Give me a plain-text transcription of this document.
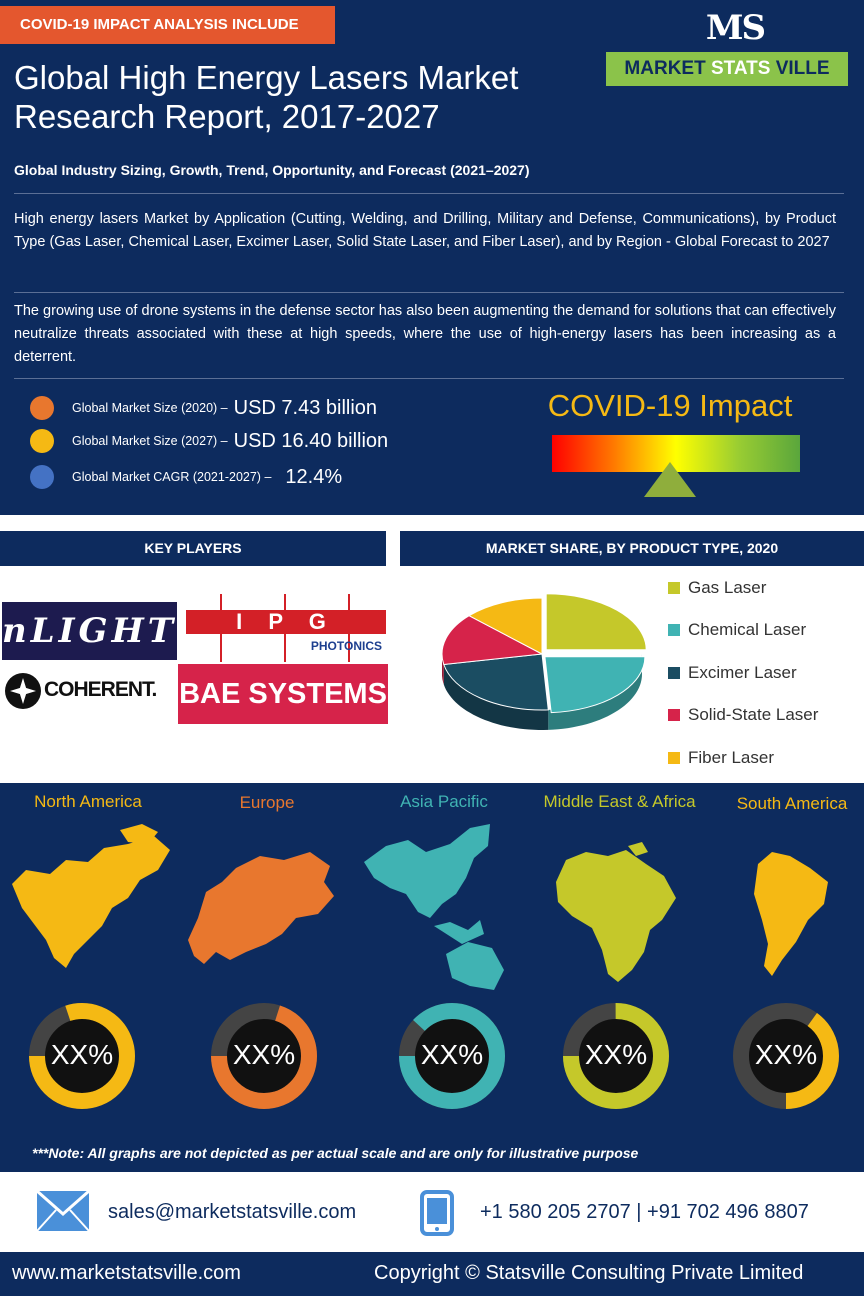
COVID-19 IMPACT ANALYSIS INCLUDE
Global High Energy Lasers Market
Research Report, 2017-2027
MS
MARKET STATS VILLE
Global Industry Sizing, Growth, Trend, Opportunity, and Forecast (2021–2027)
High energy lasers Market by Application (Cutting, Welding, and Drilling, Military and Defense, Communications), by Product Type (Gas Laser, Chemical Laser, Excimer Laser, Solid State Laser, and Fiber Laser), and by Region - Global Forecast to 2027
The growing use of drone systems in the defense sector has also been augmenting the demand for solutions that can effectively neutralize threats associated with these at high speeds, where the use of high-energy lasers has been increasing as a deterrent.
Global Market Size (2020) – USD 7.43 billion
Global Market Size (2027) – USD 16.40 billion
Global Market CAGR (2021-2027) – 12.4%
COVID-19 Impact
KEY PLAYERS	MARKET SHARE, BY PRODUCT TYPE, 2020
nLIGHT	I P G
PHOTONICS
COHERENT. BAE SYSTEMS
Gas Laser
Chemical Laser
Excimer Laser
Solid-State Laser
Fiber Laser
North America	Europe	Asia Pacific	Middle East & Africa	South America
XX%	XX%	XX%	XX%	XX%
***Note: All graphs are not depicted as per actual scale and are only for illustrative purpose
sales@marketstatsville.com	+1 580 205 2707 | +91 702 496 8807
www.marketstatsville.com	Copyright © Statsville Consulting Private Limited
